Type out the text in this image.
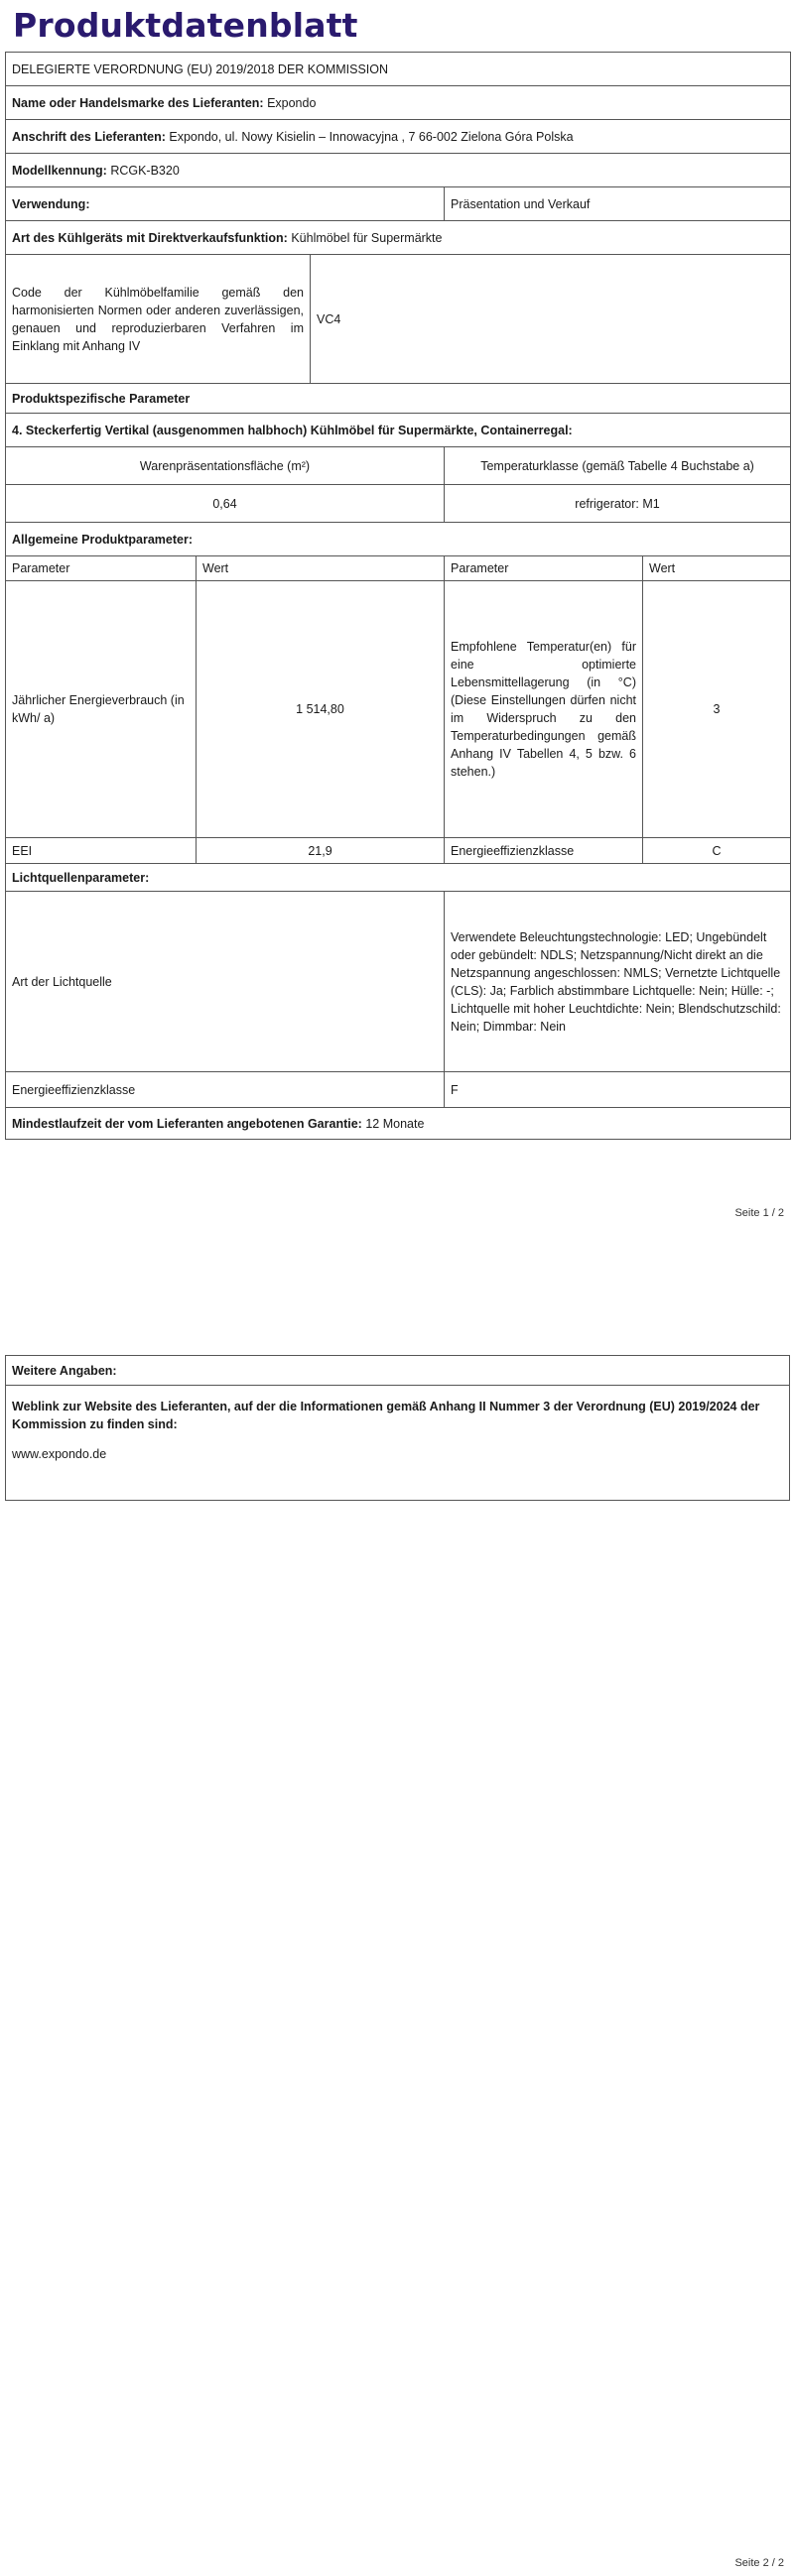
Produktdatenblatt
DELEGIERTE VERORDNUNG (EU) 2019/2018 DER KOMMISSION				
Name oder Handelsmarke des Lieferanten: Expondo				
Anschrift des Lieferanten: Expondo, ul. Nowy Kisielin – Innowacyjna , 7 66-002 Zielona Góra Polska				
Modellkennung: RCGK-B320				
Verwendung:			Präsentation und Verkauf	
Art des Kühlgeräts mit Direktverkaufsfunktion: Kühlmöbel für Supermärkte				
Code der Kühlmöbelfamilie gemäß den harmonisierten Normen oder anderen zuverlässigen, genauen und reproduzierbaren Verfahren im Einklang mit Anhang IV		VC4		
Produktspezifische Parameter				
4. Steckerfertig Vertikal (ausgenommen halbhoch) Kühlmöbel für Supermärkte, Containerregal:				
Warenpräsentationsfläche (m²)			Temperaturklasse (gemäß Tabelle 4 Buchstabe a)	
0,64			refrigerator: M1	
Allgemeine Produktparameter:				
Parameter	Wert		Parameter	Wert
Jährlicher Energieverbrauch (in kWh/ a)	1 514,80		Empfohlene Temperatur(en) für eine optimierte Lebensmittellagerung (in °C) (Diese Einstellungen dürfen nicht im Widerspruch zu den Temperaturbedingungen gemäß Anhang IV Tabellen 4, 5 bzw. 6 stehen.)	3
EEI	21,9		Energieeffizienzklasse	C
Lichtquellenparameter:				
Art der Lichtquelle			Verwendete Beleuchtungstechnologie: LED; Ungebündelt oder gebündelt: NDLS; Netzspannung/Nicht direkt an die Netzspannung angeschlossen: NMLS; Vernetzte Lichtquelle (CLS): Ja; Farblich abstimmbare Lichtquelle: Nein; Hülle: -; Lichtquelle mit hoher Leuchtdichte: Nein; Blendschutzschild: Nein; Dimmbar: Nein	
Energieeffizienzklasse			F	
Mindestlaufzeit der vom Lieferanten angebotenen Garantie: 12 Monate				
Seite 1 / 2
Weitere Angaben:

Weblink zur Website des Lieferanten, auf der die Informationen gemäß Anhang II Nummer 3 der Verordnung (EU) 2019/2024 der Kommission zu finden sind:
www.expondo.de
Seite 2 / 2
